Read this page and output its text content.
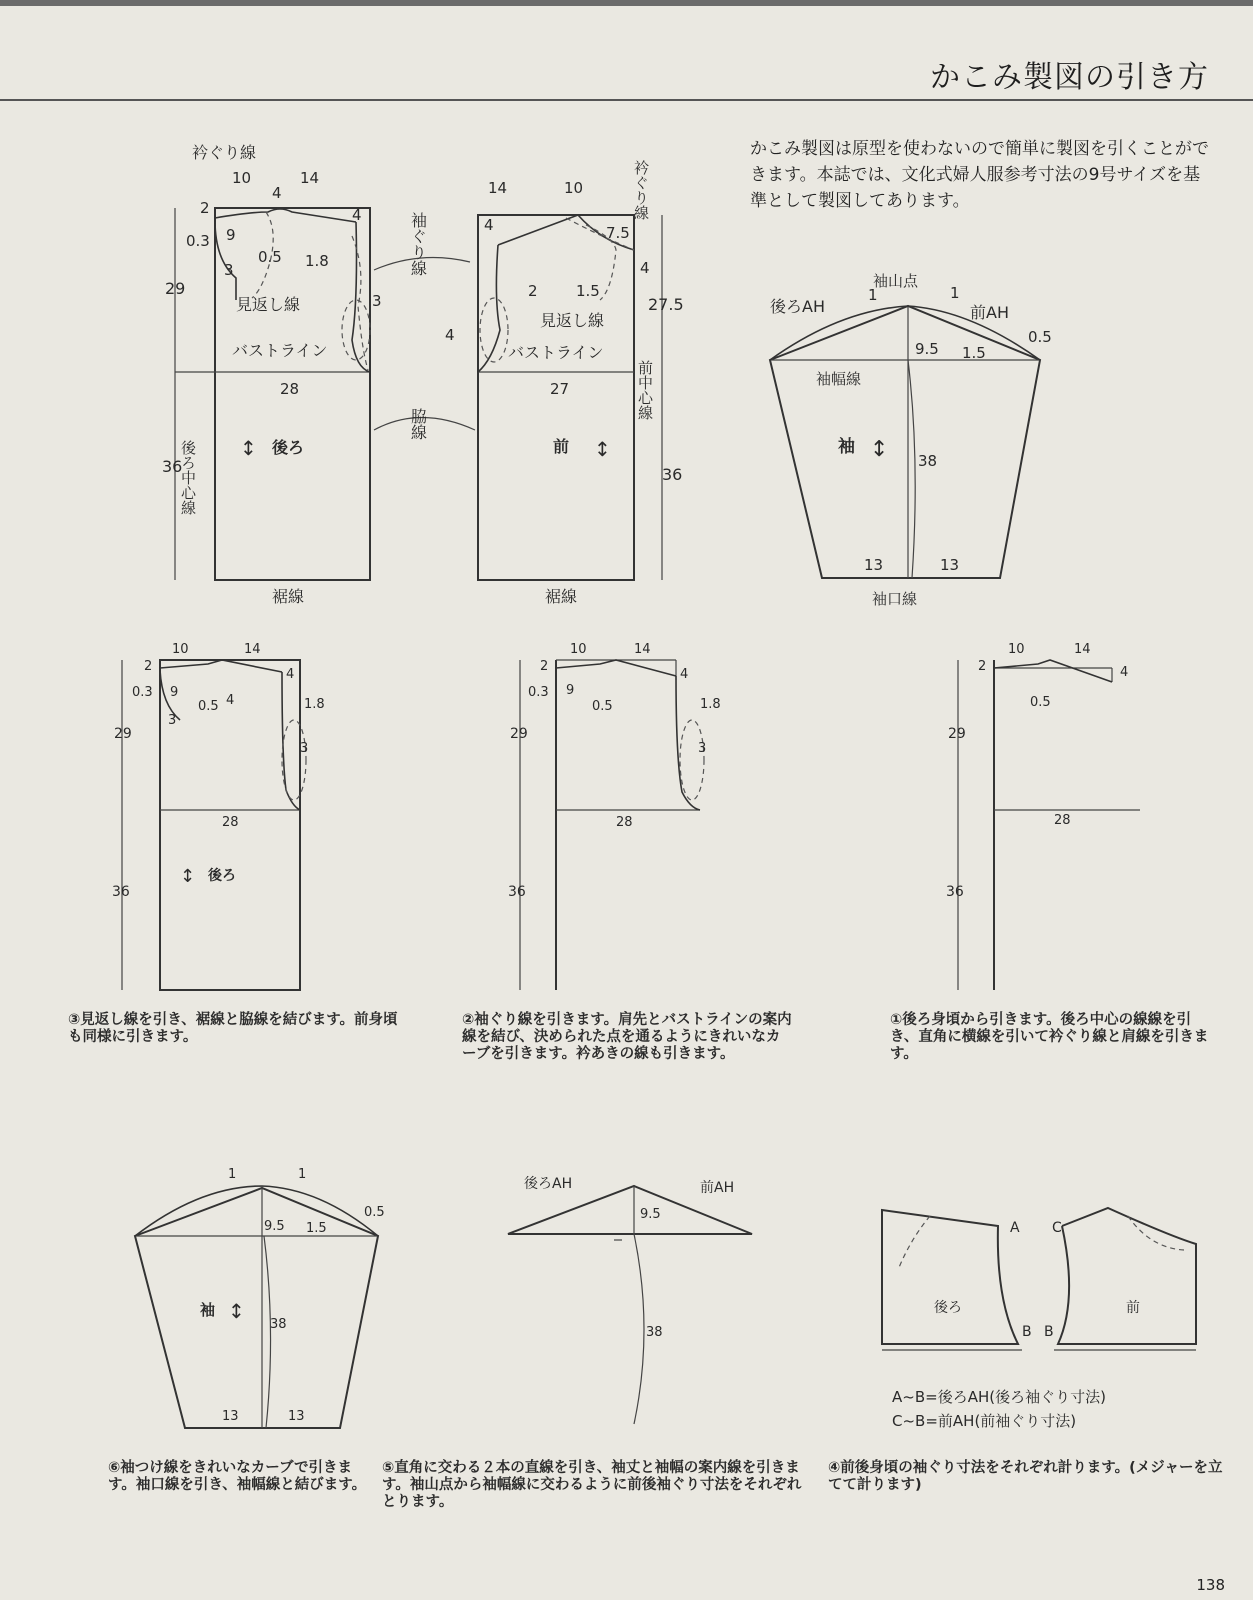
かこみ製図の引き方
かこみ製図は原型を使わないので簡単に製図を引くことができます。本誌では、文化式婦人服参考寸法の9号サイズを基準として製図してあります。
衿ぐり線
10	14
2
4
4
0.3 9
0.5 1.8
3
3
29
見返し線
バストライン
28
36
後ろ中心線 ↕ 後ろ
裾線
袖ぐり線
脇線
14	10	衿ぐり線
4	7.5
4
2	1.5
27.5
4
見返し線
バストライン
27	前中心線
36
前 ↕
裾線
袖山点
後ろAH	前AH
1	1
0.5
9.5 1.5
袖幅線
袖 ↕ 38
13	13
袖口線
10	14
2
0.3 9
0.5 4
4
1.8
3
3
29
28
36
↕ 後ろ
10	14
2
0.3 9
0.5
4
1.8
3
29
28
36
10	14
2	4
0.5
29
28
36
1	1
0.5
9.5 1.5
袖 ↕
38
13	13
後ろAH	前AH
9.5
38
A C
B B
後ろ	前
A~B=後ろAH(後ろ袖ぐり寸法)
C~B=前AH(前袖ぐり寸法)
③見返し線を引き、裾線と脇線を結びます。前身頃も同様に引きます。
②袖ぐり線を引きます。肩先とバストラインの案内線を結び、決められた点を通るようにきれいなカーブを引きます。衿あきの線も引きます。
①後ろ身頃から引きます。後ろ中心の線線を引き、直角に横線を引いて衿ぐり線と肩線を引きます。
⑥袖つけ線をきれいなカーブで引きます。袖口線を引き、袖幅線と結びます。
⑤直角に交わる２本の直線を引き、袖丈と袖幅の案内線を引きます。袖山点から袖幅線に交わるように前後袖ぐり寸法をそれぞれとります。
④前後身頃の袖ぐり寸法をそれぞれ計ります。(メジャーを立てて計ります)
138
